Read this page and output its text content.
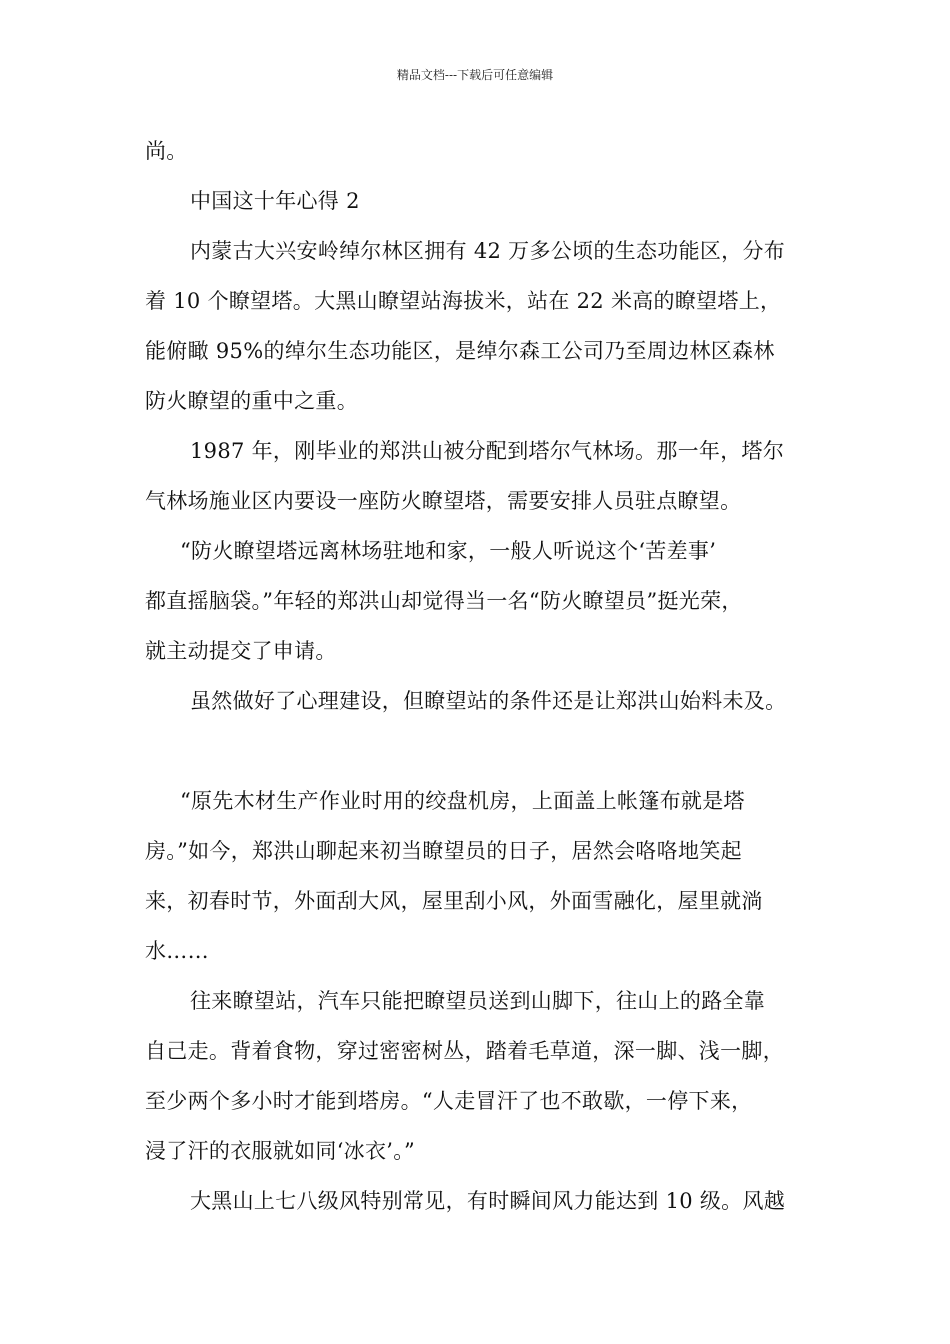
精品文档---下载后可任意编辑
尚。
中国这十年心得 2
内蒙古大兴安岭绰尔林区拥有 42 万多公顷的生态功能区，分布
着 10 个瞭望塔。大黑山瞭望站海拔米，站在 22 米高的瞭望塔上，
能俯瞰 95%的绰尔生态功能区，是绰尔森工公司乃至周边林区森林
防火瞭望的重中之重。
1987 年，刚毕业的郑洪山被分配到塔尔气林场。那一年，塔尔
气林场施业区内要设一座防火瞭望塔，需要安排人员驻点瞭望。
“防火瞭望塔远离林场驻地和家，一般人听说这个‘苦差事’
都直摇脑袋。”年轻的郑洪山却觉得当一名“防火瞭望员”挺光荣，
就主动提交了申请。
虽然做好了心理建设，但瞭望站的条件还是让郑洪山始料未及。
“原先木材生产作业时用的绞盘机房，上面盖上帐篷布就是塔
房。”如今，郑洪山聊起来初当瞭望员的日子，居然会咯咯地笑起
来，初春时节，外面刮大风，屋里刮小风，外面雪融化，屋里就淌
水……
往来瞭望站，汽车只能把瞭望员送到山脚下，往山上的路全靠
自己走。背着食物，穿过密密树丛，踏着毛草道，深一脚、浅一脚，
至少两个多小时才能到塔房。“人走冒汗了也不敢歇，一停下来，
浸了汗的衣服就如同‘冰衣’。”
大黑山上七八级风特别常见，有时瞬间风力能达到 10 级。风越
